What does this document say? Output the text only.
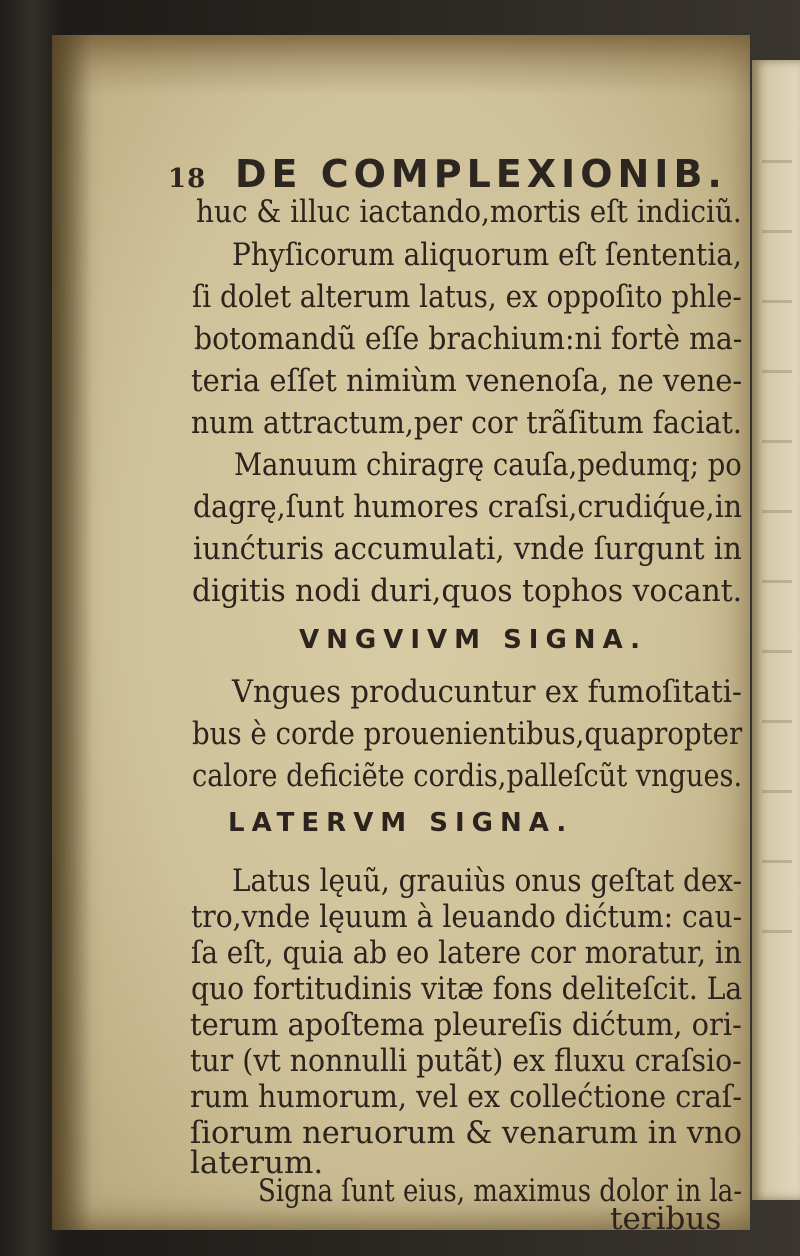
18 DE COMPLEXIONIB.
huc & illuc iactando,mortis eſt indiciũ.
Phyſicorum aliquorum eſt ſententia,
ſi dolet alterum latus, ex oppoſito phle-
botomandũ eſſe brachium:ni fortè ma-
teria eſſet nimiùm venenoſa, ne vene-
num attractum,per cor trãſitum faciat.
Manuum chiragrę cauſa,pedumq; po
dagrę,ſunt humores craſsi,crudiq́ue,in
iunćturis accumulati, vnde ſurgunt in
digitis nodi duri,quos tophos vocant.
VNGVIVM SIGNA.
Vngues producuntur ex fumoſitati-
bus è corde prouenientibus,quapropter
calore deficiẽte cordis,palleſcũt vngues.
LATERVM SIGNA.
Latus lęuũ, grauiùs onus geſtat dex-
tro,vnde lęuum à leuando dićtum: cau-
ſa eſt, quia ab eo latere cor moratur, in
quo fortitudinis vitæ fons deliteſcit. La
terum apoſtema pleureſis dićtum, ori-
tur (vt nonnulli putãt) ex fluxu craſsio-
rum humorum, vel ex collećtione craſ-
ſiorum neruorum & venarum in vno
laterum.
Signa ſunt eius, maximus dolor in la-
teribus
